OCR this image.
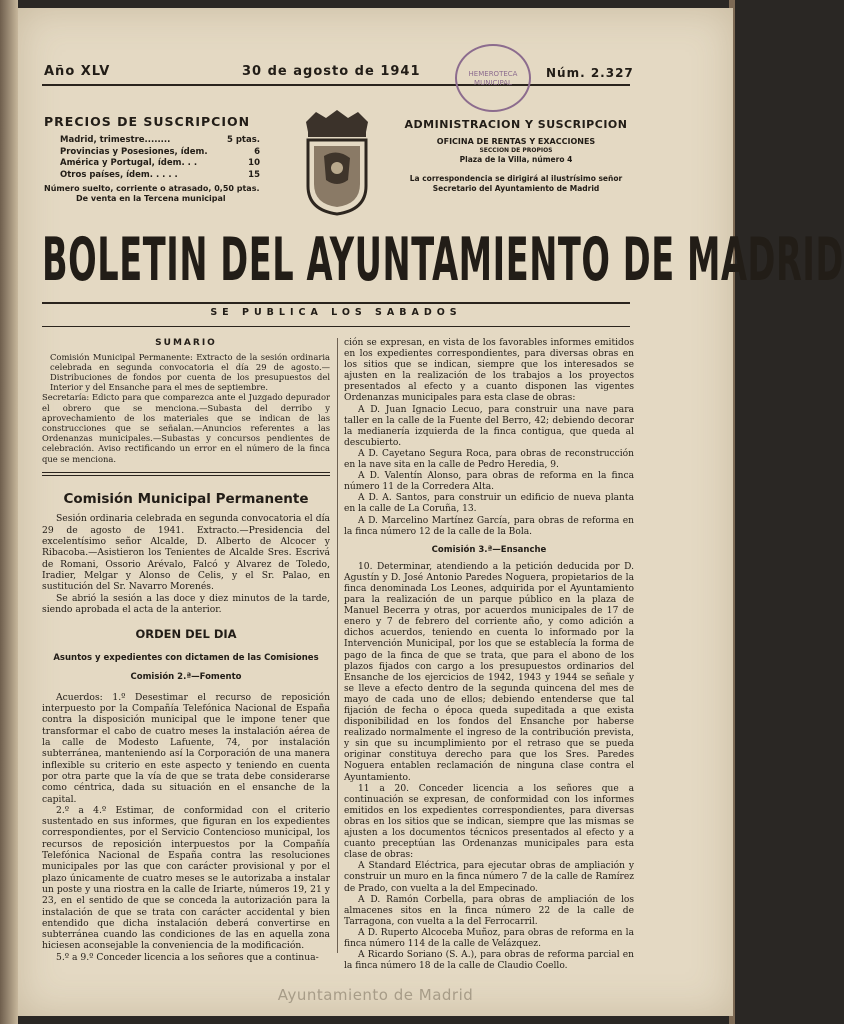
Año XLV	30 de agosto de 1941	Núm. 2.327
HEMEROTECA MUNICIPAL
PRECIOS DE SUSCRIPCION
Madrid, trimestre........	5 ptas.
Provincias y Posesiones, ídem.	6
América y Portugal, ídem. . .	10
Otros países, ídem. . . . .	15
Número suelto, corriente o atrasado, 0,50 ptas.
De venta en la Tercena municipal
ADMINISTRACION Y SUSCRIPCION
OFICINA DE RENTAS Y EXACCIONES
SECCION DE PROPIOS
Plaza de la Villa, número 4
La correspondencia se dirigirá al ilustrísimo señor Secretario del Ayuntamiento de Madrid
BOLETIN DEL AYUNTAMIENTO DE MADRID
SE PUBLICA LOS SABADOS
SUMARIO

Comisión Municipal Permanente: Extracto de la sesión ordinaria celebrada en segunda convocatoria el día 29 de agosto.—Distribuciones de fondos por cuenta de los presupuestos del Interior y del Ensanche para el mes de septiembre.

Secretaría: Edicto para que comparezca ante el Juzgado depurador el obrero que se menciona.—Subasta del derribo y aprovechamiento de los materiales que se indican de las construcciones que se señalan.—Anuncios referentes a las Ordenanzas municipales.—Subastas y concursos pendientes de celebración. Aviso rectificando un error en el número de la finca que se menciona.

Comisión Municipal Permanente

Sesión ordinaria celebrada en segunda convocatoria el día 29 de agosto de 1941. Extracto.—Presidencia del excelentísimo señor Alcalde, D. Alberto de Alcocer y Ribacoba.—Asistieron los Tenientes de Alcalde Sres. Escrivá de Romani, Ossorio Arévalo, Falcó y Alvarez de Toledo, Iradier, Melgar y Alonso de Celis, y el Sr. Palao, en sustitución del Sr. Navarro Morenés.

Se abrió la sesión a las doce y diez minutos de la tarde, siendo aprobada el acta de la anterior.

ORDEN DEL DIA
Asuntos y expedientes con dictamen de las Comisiones
Comisión 2.ª—Fomento

Acuerdos: 1.º Desestimar el recurso de reposición interpuesto por la Compañía Telefónica Nacional de España contra la disposición municipal que le impone tener que transformar el cabo de cuatro meses la instalación aérea de la calle de Modesto Lafuente, 74, por instalación subterránea, manteniendo así la Corporación de una manera inflexible su criterio en este aspecto y teniendo en cuenta por otra parte que la vía de que se trata debe considerarse como céntrica, dada su situación en el ensanche de la capital.

2.º a 4.º Estimar, de conformidad con el criterio sustentado en sus informes, que figuran en los expedientes correspondientes, por el Servicio Contencioso municipal, los recursos de reposición interpuestos por la Compañía Telefónica Nacional de España contra las resoluciones municipales por las que con carácter provisional y por el plazo únicamente de cuatro meses se le autorizaba a instalar un poste y una riostra en la calle de Iriarte, números 19, 21 y 23, en el sentido de que se conceda la autorización para la instalación de que se trata con carácter accidental y bien entendido que dicha instalación deberá convertirse en subterránea cuando las condiciones de las en aquella zona hiciesen aconsejable la conveniencia de la modificación.

5.º a 9.º Conceder licencia a los señores que a continua-

ción se expresan, en vista de los favorables informes emitidos en los expedientes correspondientes, para diversas obras en los sitios que se indican, siempre que los interesados se ajusten en la realización de los trabajos a los proyectos presentados al efecto y a cuanto disponen las vigentes Ordenanzas municipales para esta clase de obras:

A D. Juan Ignacio Lecuo, para construir una nave para taller en la calle de la Fuente del Berro, 42; debiendo decorar la medianería izquierda de la finca contigua, que queda al descubierto.

A D. Cayetano Segura Roca, para obras de reconstrucción en la nave sita en la calle de Pedro Heredia, 9.

A D. Valentín Alonso, para obras de reforma en la finca número 11 de la Corredera Alta.

A D. A. Santos, para construir un edificio de nueva planta en la calle de La Coruña, 13.

A D. Marcelino Martínez García, para obras de reforma en la finca número 12 de la calle de la Bola.

Comisión 3.ª—Ensanche

10. Determinar, atendiendo a la petición deducida por D. Agustín y D. José Antonio Paredes Noguera, propietarios de la finca denominada Los Leones, adquirida por el Ayuntamiento para la realización de un parque público en la plaza de Manuel Becerra y otras, por acuerdos municipales de 17 de enero y 7 de febrero del corriente año, y como adición a dichos acuerdos, teniendo en cuenta lo informado por la Intervención Municipal, por los que se establecía la forma de pago de la finca de que se trata, que para el abono de los plazos fijados con cargo a los presupuestos ordinarios del Ensanche de los ejercicios de 1942, 1943 y 1944 se señale y se lleve a efecto dentro de la segunda quincena del mes de mayo de cada uno de ellos; debiendo entenderse que tal fijación de fecha o época queda supeditada a que exista disponibilidad en los fondos del Ensanche por haberse realizado normalmente el ingreso de la contribución prevista, y sin que su incumplimiento por el retraso que se pueda originar constituya derecho para que los Sres. Paredes Noguera entablen reclamación de ninguna clase contra el Ayuntamiento.

11 a 20. Conceder licencia a los señores que a continuación se expresan, de conformidad con los informes emitidos en los expedientes correspondientes, para diversas obras en los sitios que se indican, siempre que las mismas se ajusten a los documentos técnicos presentados al efecto y a cuanto preceptúan las Ordenanzas municipales para esta clase de obras:

A Standard Eléctrica, para ejecutar obras de ampliación y construir un muro en la finca número 7 de la calle de Ramírez de Prado, con vuelta a la del Empecinado.

A D. Ramón Corbella, para obras de ampliación de los almacenes sitos en la finca número 22 de la calle de Tarragona, con vuelta a la del Ferrocarril.

A D. Ruperto Alcoceba Muñoz, para obras de reforma en la finca número 114 de la calle de Velázquez.

A Ricardo Soriano (S. A.), para obras de reforma parcial en la finca número 18 de la calle de Claudio Coello.

Ayuntamiento de Madrid
